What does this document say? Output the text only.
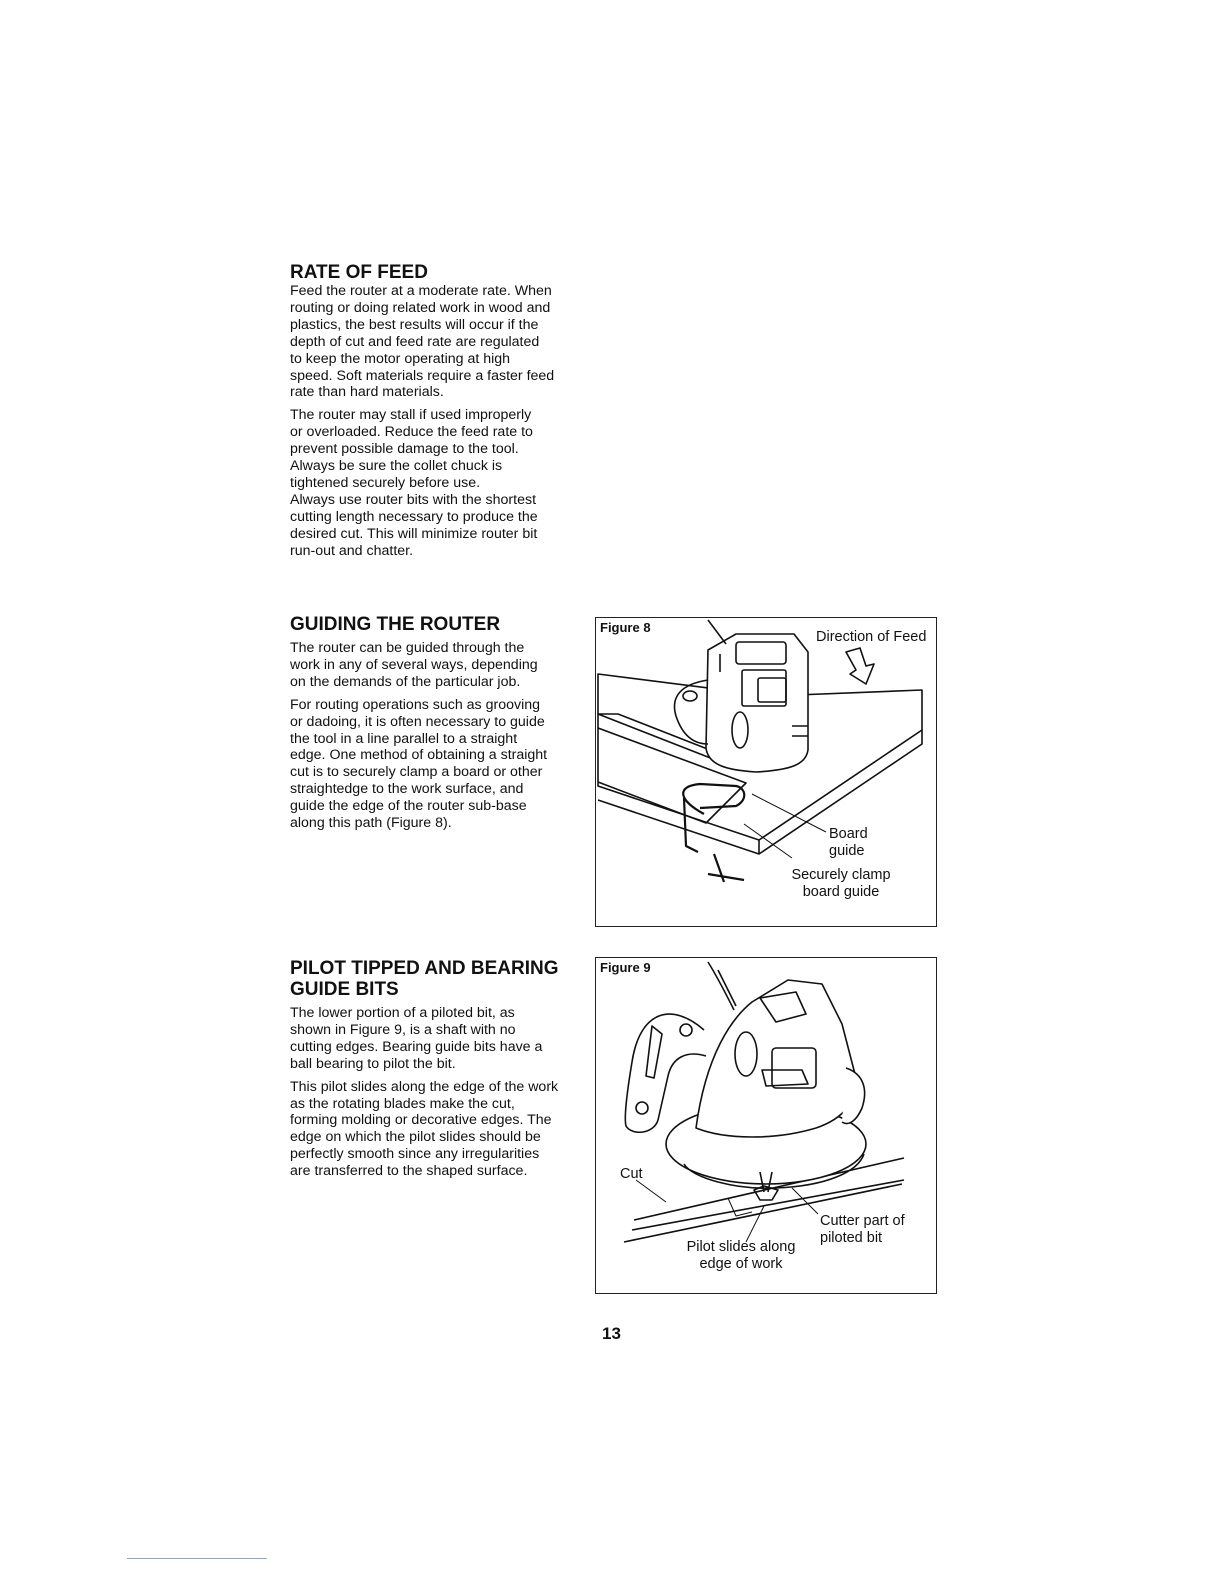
RATE OF FEED

Feed the router at a moderate rate. When
routing or doing related work in wood and
plastics, the best results will occur if the
depth of cut and feed rate are regulated
to keep the motor operating at high
speed. Soft materials require a faster feed
rate than hard materials.

The router may stall if used improperly
or overloaded. Reduce the feed rate to
prevent possible damage to the tool.
Always be sure the collet chuck is
tightened securely before use.
Always use router bits with the shortest
cutting length necessary to produce the
desired cut. This will minimize router bit
run-out and chatter.

GUIDING THE ROUTER

The router can be guided through the
work in any of several ways, depending
on the demands of the particular job.

For routing operations such as grooving
or dadoing, it is often necessary to guide
the tool in a line parallel to a straight
edge. One method of obtaining a straight
cut is to securely clamp a board or other
straightedge to the work surface, and
guide the edge of the router sub-base
along this path (Figure 8).

PILOT TIPPED AND BEARING
GUIDE BITS

The lower portion of a piloted bit, as
shown in Figure 9, is a shaft with no
cutting edges. Bearing guide bits have a
ball bearing to pilot the bit.

This pilot slides along the edge of the work
as the rotating blades make the cut,
forming molding or decorative edges. The
edge on which the pilot slides should be
perfectly smooth since any irregularities
are transferred to the shaped surface.

Figure 8
Direction of Feed
Board
guide
Securely clamp
board guide
Figure 9
Cut
Cutter part of
piloted bit
Pilot slides along
edge of work
13
